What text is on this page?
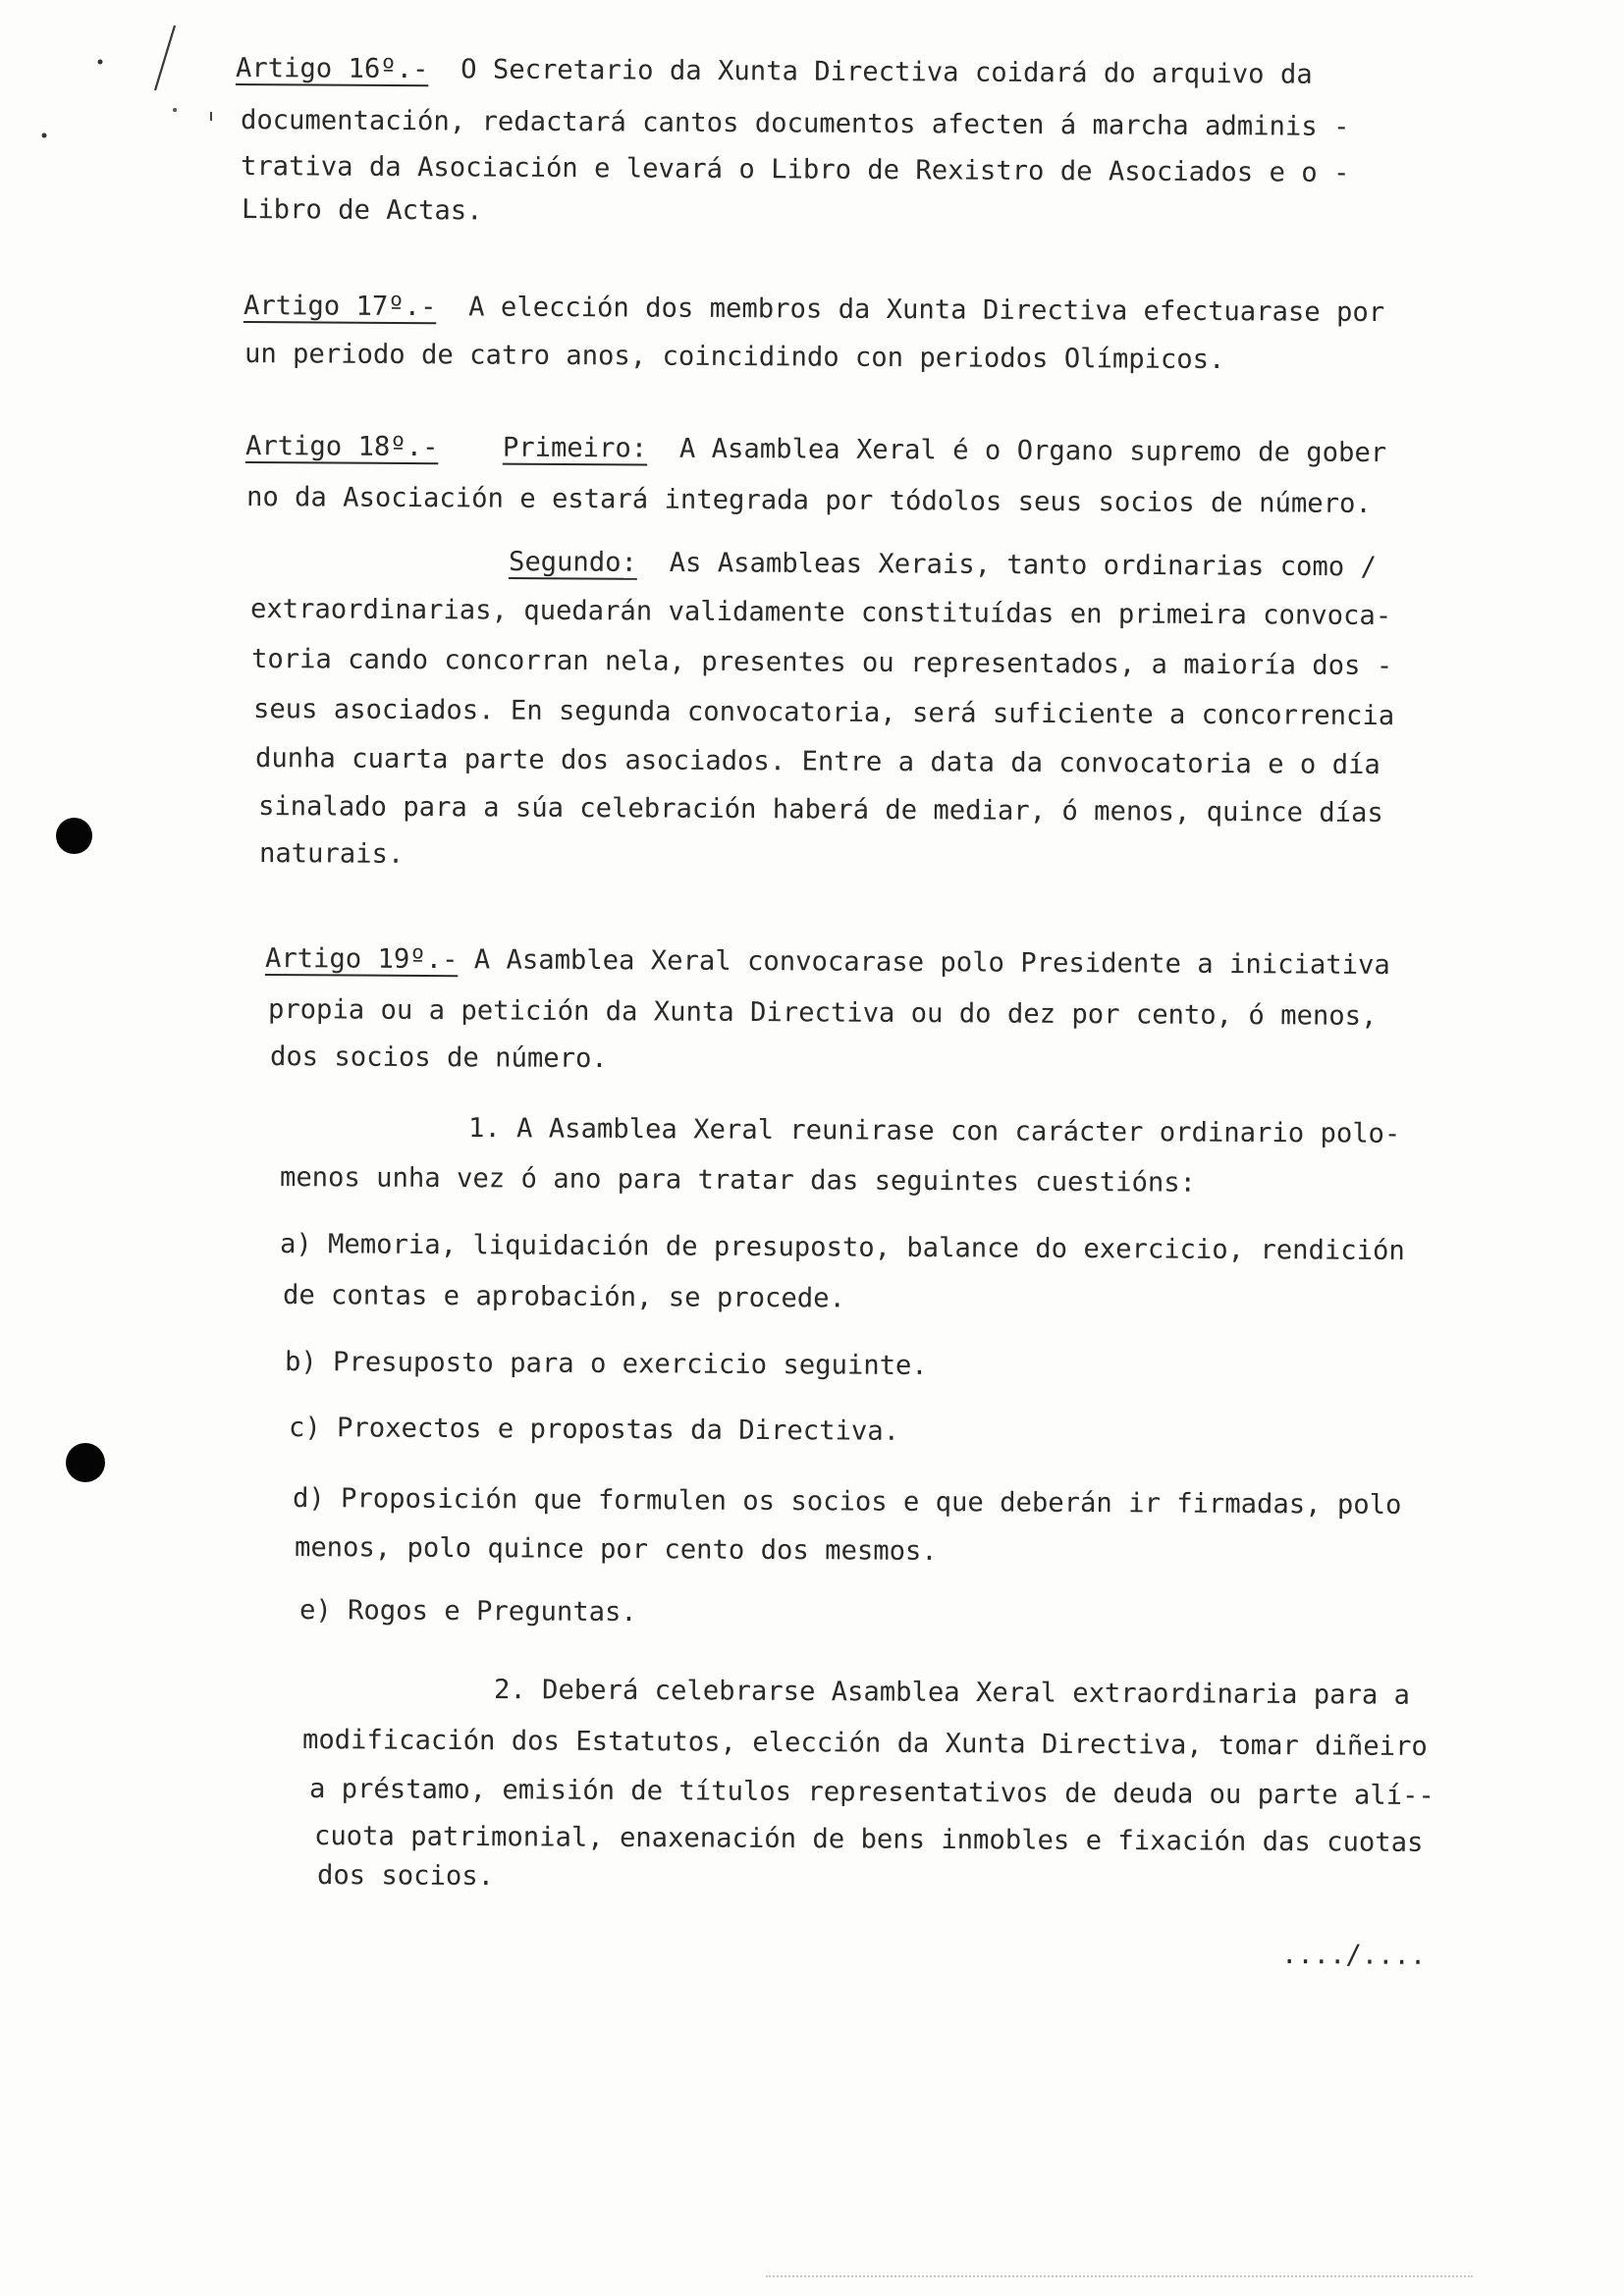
Artigo 16º.- O Secretario da Xunta Directiva coidará do arquivo da
documentación, redactará cantos documentos afecten á marcha adminis -
trativa da Asociación e levará o Libro de Rexistro de Asociados e o -
Libro de Actas.
Artigo 17º.- A elección dos membros da Xunta Directiva efectuarase por
un periodo de catro anos, coincidindo con periodos Olímpicos.
Artigo 18º.- Primeiro: A Asamblea Xeral é o Organo supremo de gober
no da Asociación e estará integrada por tódolos seus socios de número.
Segundo: As Asambleas Xerais, tanto ordinarias como /
extraordinarias, quedarán validamente constituídas en primeira convoca-
toria cando concorran nela, presentes ou representados, a maioría dos -
seus asociados. En segunda convocatoria, será suficiente a concorrencia
dunha cuarta parte dos asociados. Entre a data da convocatoria e o día
sinalado para a súa celebración haberá de mediar, ó menos, quince días
naturais.
Artigo 19º.- A Asamblea Xeral convocarase polo Presidente a iniciativa
propia ou a petición da Xunta Directiva ou do dez por cento, ó menos,
dos socios de número.
1. A Asamblea Xeral reunirase con carácter ordinario polo-
menos unha vez ó ano para tratar das seguintes cuestións:
a) Memoria, liquidación de presuposto, balance do exercicio, rendición
de contas e aprobación, se procede.
b) Presuposto para o exercicio seguinte.
c) Proxectos e propostas da Directiva.
d) Proposición que formulen os socios e que deberán ir firmadas, polo
menos, polo quince por cento dos mesmos.
e) Rogos e Preguntas.
2. Deberá celebrarse Asamblea Xeral extraordinaria para a
modificación dos Estatutos, elección da Xunta Directiva, tomar diñeiro
a préstamo, emisión de títulos representativos de deuda ou parte alí--
cuota patrimonial, enaxenación de bens inmobles e fixación das cuotas
dos socios.
..../....
